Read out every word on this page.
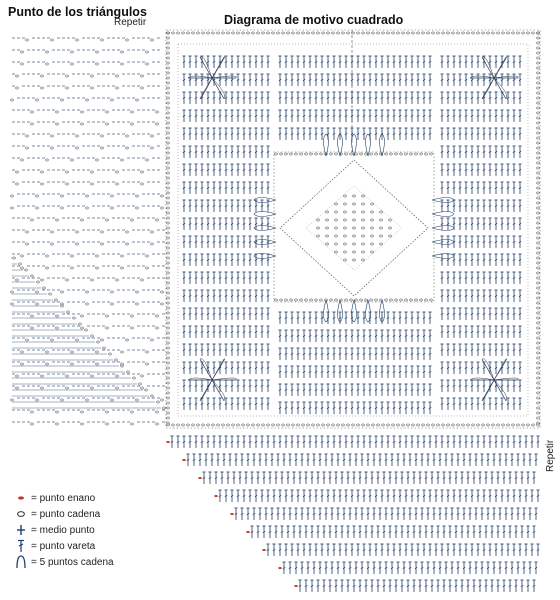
Punto de los triángulos
Diagrama de motivo cuadrado
Repetir
Repetir
= punto enano
= punto cadena
= medio punto
= punto vareta
= 5 puntos cadena
